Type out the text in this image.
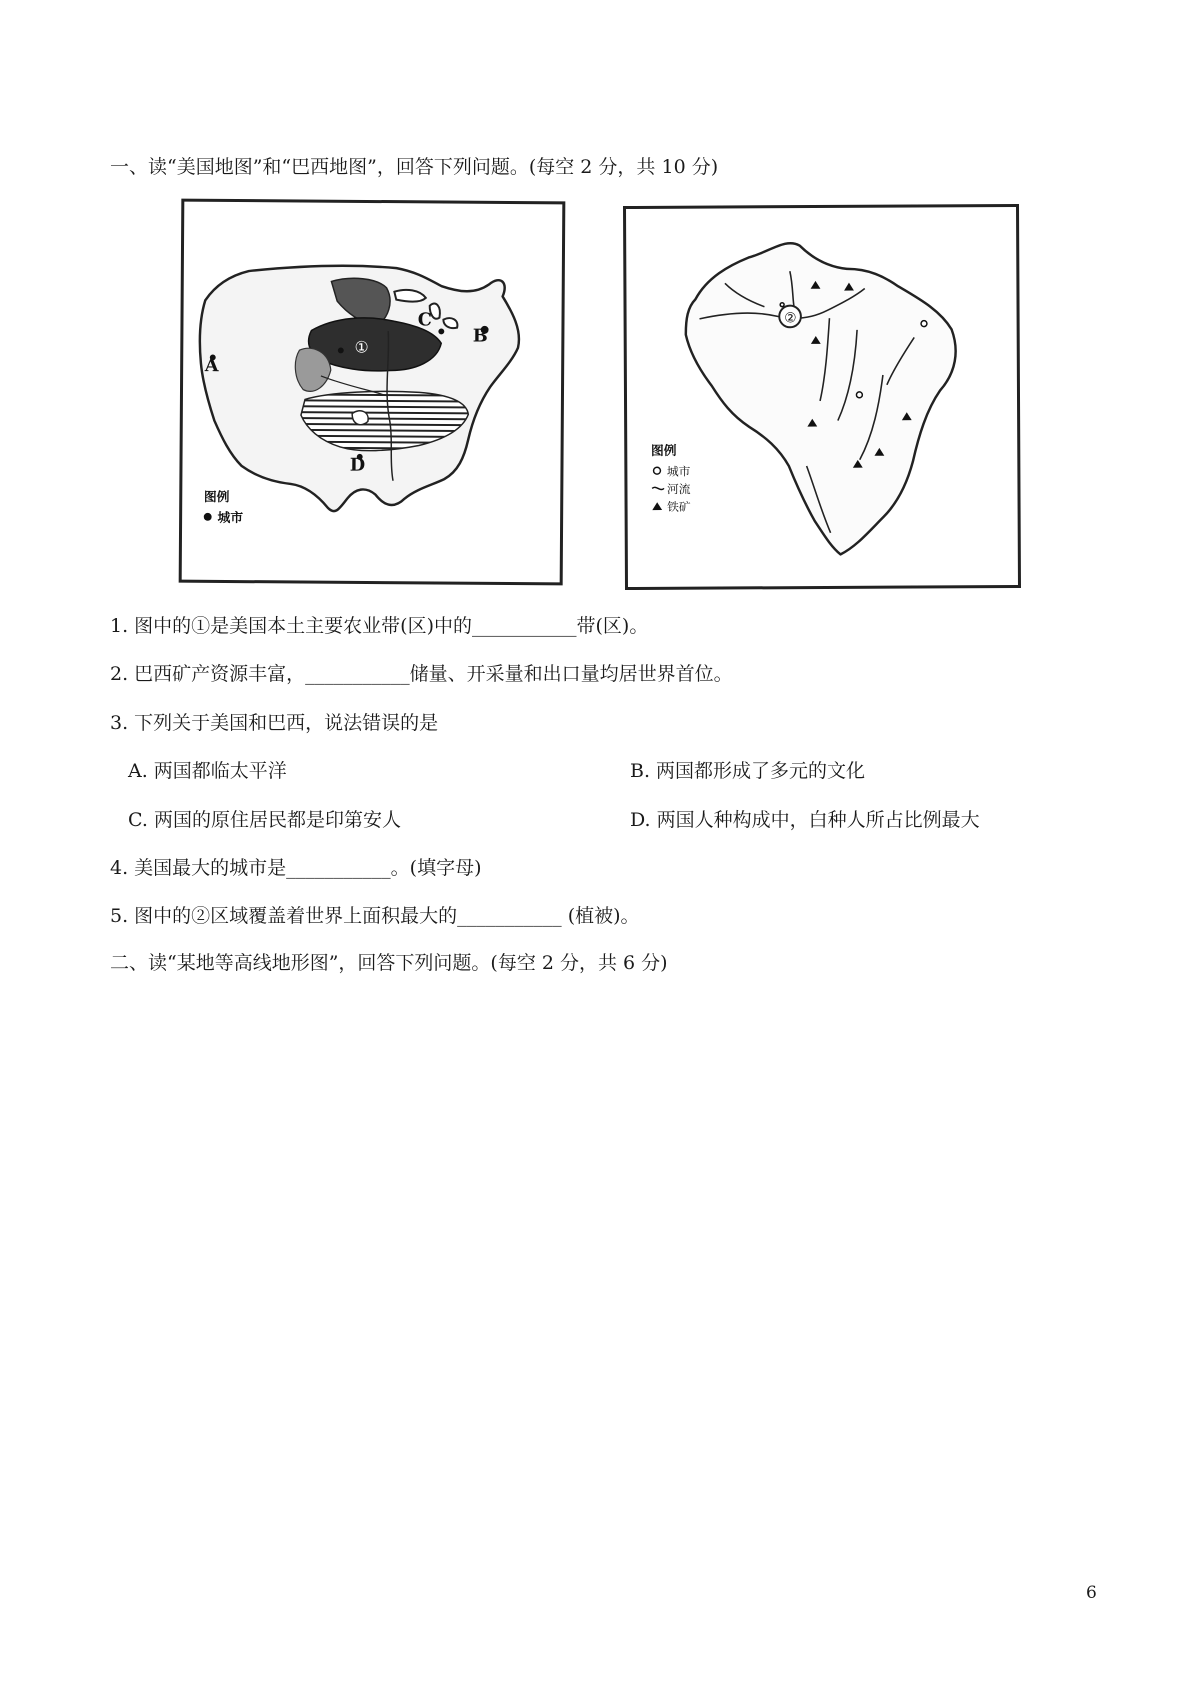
一、读“美国地图”和“巴西地图”，回答下列问题。(每空 2 分，共 10 分)
A
B
C
D
①
图例
城市
②
图例
城市
河流
铁矿
1. 图中的①是美国本土主要农业带(区)中的___________带(区)。
2. 巴西矿产资源丰富，___________储量、开采量和出口量均居世界首位。
3. 下列关于美国和巴西，说法错误的是
A. 两国都临太平洋	B. 两国都形成了多元的文化
C. 两国的原住居民都是印第安人	D. 两国人种构成中，白种人所占比例最大
4. 美国最大的城市是___________。(填字母)
5. 图中的②区域覆盖着世界上面积最大的___________ (植被)。
二、读“某地等高线地形图”，回答下列问题。(每空 2 分，共 6 分)
6
